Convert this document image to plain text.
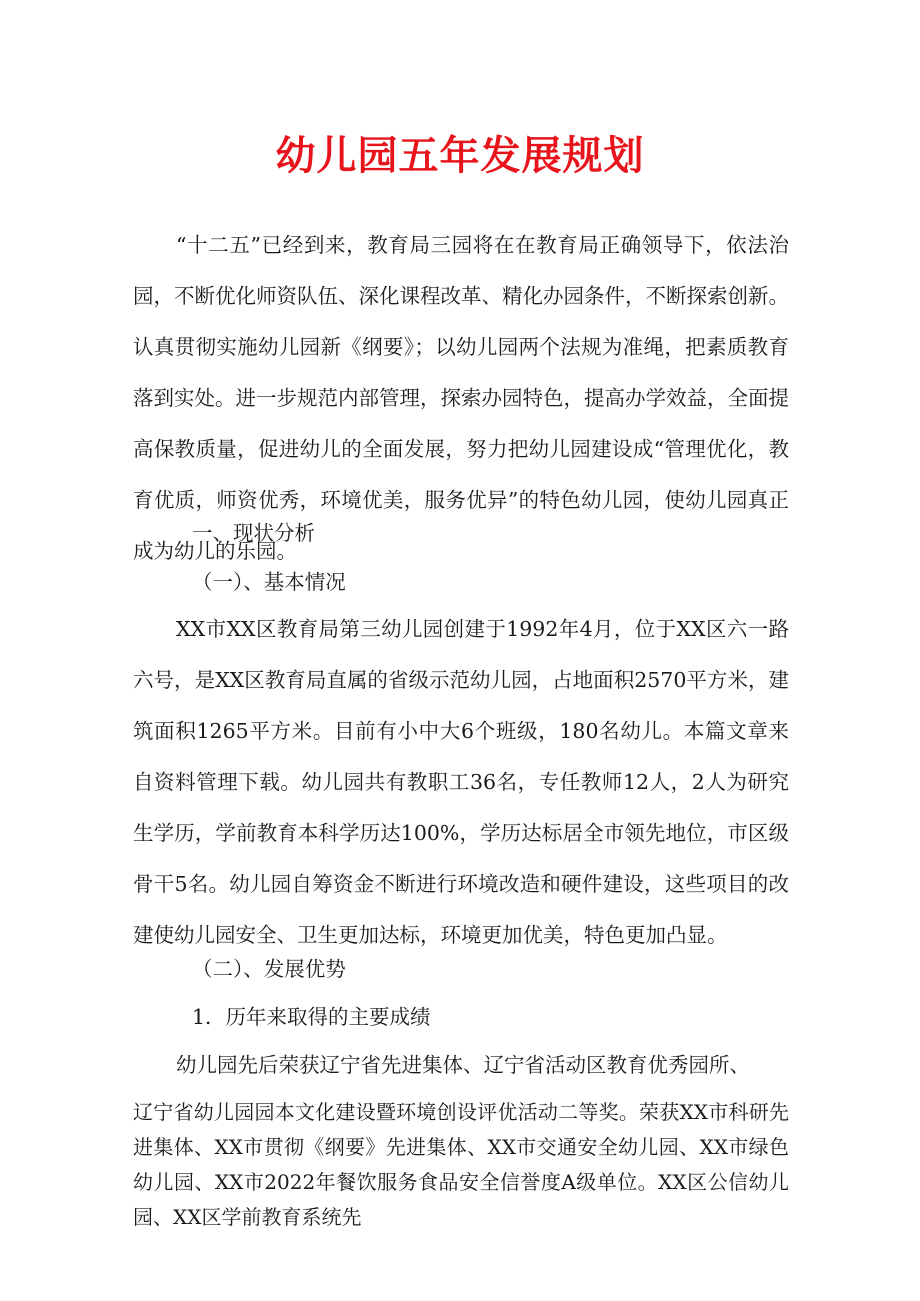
幼儿园五年发展规划

“十二五”已经到来，教育局三园将在在教育局正确领导下，依法治园，不断优化师资队伍、深化课程改革、精化办园条件，不断探索创新。认真贯彻实施幼儿园新《纲要》；以幼儿园两个法规为准绳，把素质教育落到实处。进一步规范内部管理，探索办园特色，提高办学效益，全面提高保教质量，促进幼儿的全面发展，努力把幼儿园建设成“管理优化，教育优质，师资优秀，环境优美，服务优异”的特色幼儿园，使幼儿园真正成为幼儿的乐园。

一、现状分析

（一）、基本情况

XX市XX区教育局第三幼儿园创建于1992年4月，位于XX区六一路六号，是XX区教育局直属的省级示范幼儿园，占地面积2570平方米，建筑面积1265平方米。目前有小中大6个班级，180名幼儿。本篇文章来自资料管理下载。幼儿园共有教职工36名，专任教师12人，2人为研究生学历，学前教育本科学历达100%，学历达标居全市领先地位，市区级骨干5名。幼儿园自筹资金不断进行环境改造和硬件建设，这些项目的改建使幼儿园安全、卫生更加达标，环境更加优美，特色更加凸显。

（二）、发展优势

1．历年来取得的主要成绩

幼儿园先后荣获辽宁省先进集体、辽宁省活动区教育优秀园所、

辽宁省幼儿园园本文化建设暨环境创设评优活动二等奖。荣获XX市科研先进集体、XX市贯彻《纲要》先进集体、XX市交通安全幼儿园、XX市绿色幼儿园、XX市2022年餐饮服务食品安全信誉度A级单位。XX区公信幼儿园、XX区学前教育系统先
